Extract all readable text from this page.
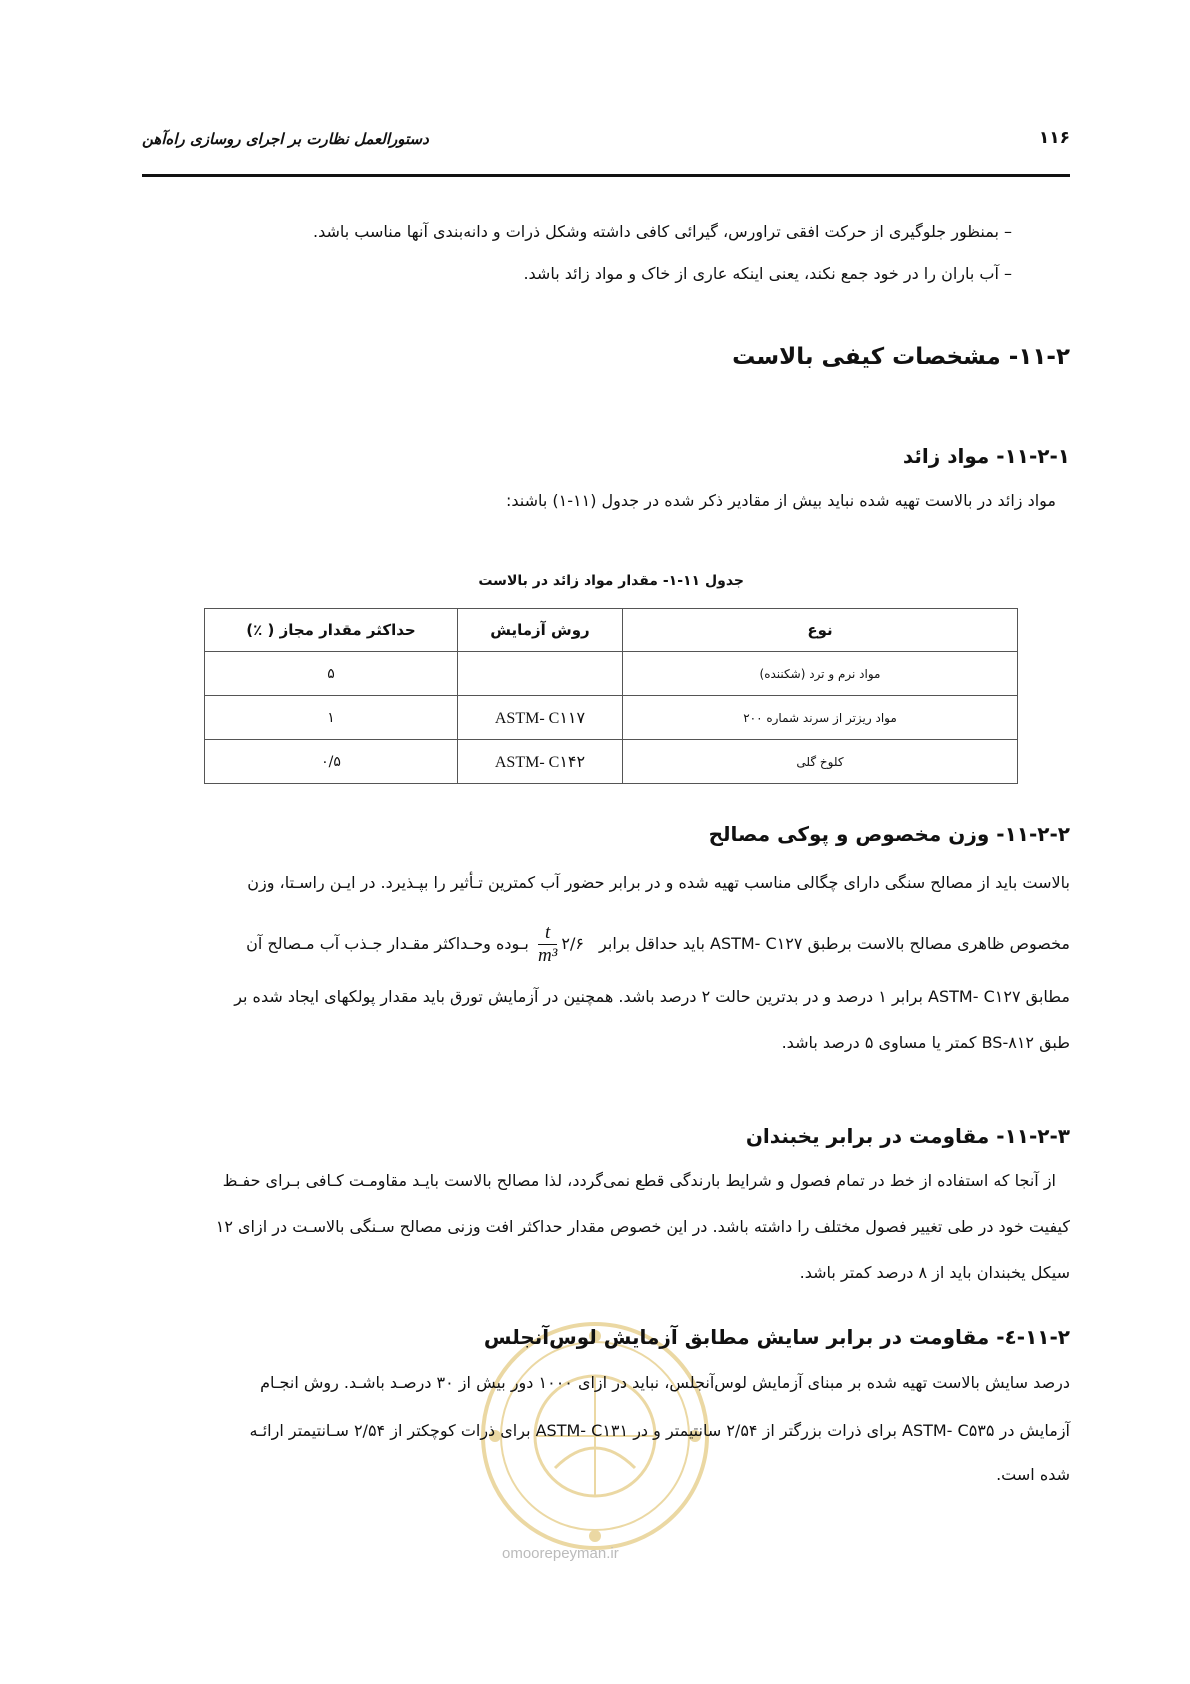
دستورالعمل نظارت بر اجرای روسازی راه‌آهن	۱۱۶
– بمنظور جلوگیری از حرکت افقی تراورس، گیرائی کافی داشته وشکل ذرات و دانه‌بندی آنها مناسب باشد.
– آب باران را در خود جمع نکند، یعنی اینکه عاری از خاک و مواد زائد باشد.
۱۱-۲- مشخصات کیفی بالاست
۱۱-۲-۱- مواد زائد
مواد زائد در بالاست تهیه شده نباید بیش از مقادیر ذکر شده در جدول (۱۱-۱) باشند:
جدول ۱۱-۱- مقدار مواد زائد در بالاست
نوع	روش آزمایش	حداکثر مقدار مجاز ( ٪)
مواد نرم و ترد (شکننده)		۵
مواد ریزتر از سرند شماره ۲۰۰	ASTM- C۱۱۷	۱
کلوخ گلی	ASTM- C۱۴۲	۰/۵
۱۱-۲-۲- وزن مخصوص و پوکی مصالح
بالاست باید از مصالح سنگی دارای چگالی مناسب تهیه شده و در برابر حضور آب کمترین تـأثیر را بپـذیرد. در ایـن راسـتا، وزن
مخصوص ظاهری مصالح بالاست برطبق ASTM- C۱۲۷ باید حداقل برابر ۲/۶
$\frac{t}{\text{m³}}$
بـوده وحـداکثر مقـدار جـذب آب مـصالح آن
مطابق ASTM- C۱۲۷ برابر ۱ درصد و در بدترین حالت ۲ درصد باشد. همچنین در آزمایش تورق باید مقدار پولکهای ایجاد شده بر
طبق BS-۸۱۲ کمتر یا مساوی ۵ درصد باشد.
۱۱-۲-۳- مقاومت در برابر یخبندان
از آنجا که استفاده از خط در تمام فصول و شرایط بارندگی قطع نمی‌گردد، لذا مصالح بالاست بایـد مقاومـت کـافی بـرای حفـظ
کیفیت خود در طی تغییر فصول مختلف را داشته باشد. در این خصوص مقدار حداکثر افت وزنی مصالح سـنگی بالاسـت در ازای ۱۲
سیکل یخبندان باید از ۸ درصد کمتر باشد.
omoorepeyman.ir
۱۱-۲-٤- مقاومت در برابر سایش مطابق آزمایش لوس‌آنجلس
درصد سایش بالاست تهیه شده بر مبنای آزمایش لوس‌آنجلس، نباید در ازای ۱۰۰۰ دور بیش از ۳۰ درصـد باشـد. روش انجـام
آزمایش در ASTM- C۵۳۵ برای ذرات بزرگتر از ۲/۵۴ سانتیمتر و در ASTM- C۱۳۱ برای ذرات کوچکتر از ۲/۵۴ سـانتیمتر ارائـه
شده است.
